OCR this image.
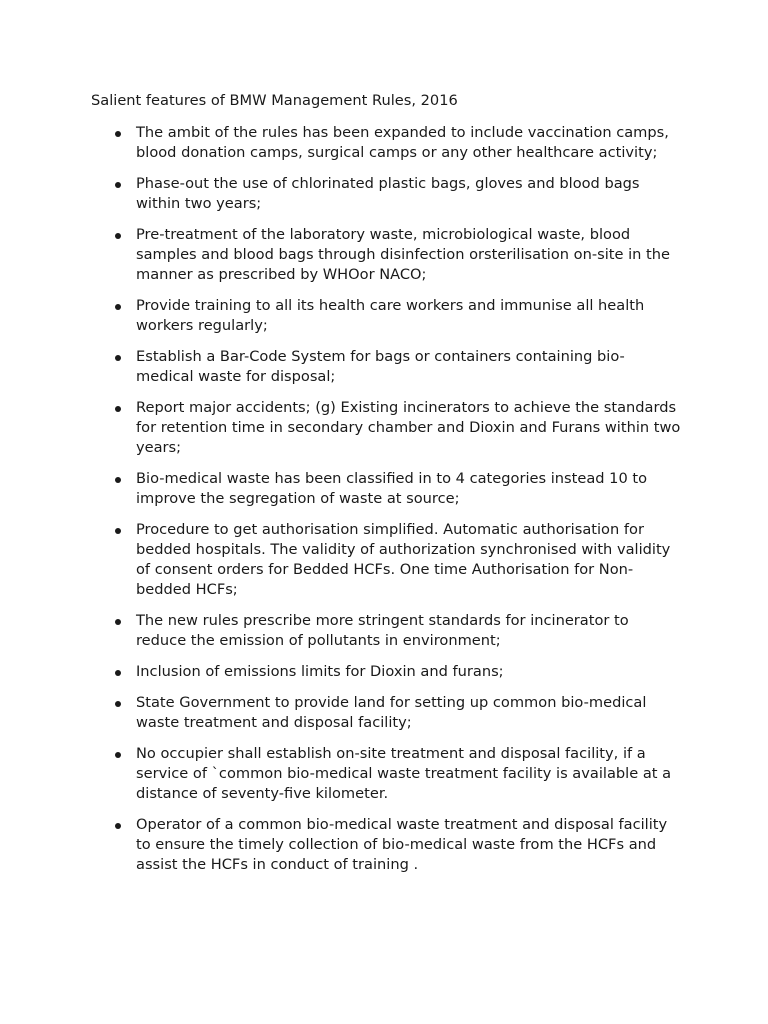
Salient features of BMW Management Rules, 2016
The ambit of the rules has been expanded to include vaccination camps, blood donation camps, surgical camps or any other healthcare activity;
Phase-out the use of chlorinated plastic bags, gloves and blood bags within two years;
Pre-treatment of the laboratory waste, microbiological waste, blood samples and blood bags through disinfection orsterilisation on-site in the manner as prescribed by WHOor NACO;
Provide training to all its health care workers and immunise all health workers regularly;
Establish a Bar-Code System for bags or containers containing bio-medical waste for disposal;
Report major accidents; (g) Existing incinerators to achieve the standards for retention time in secondary chamber and Dioxin and Furans within two years;
Bio-medical waste has been classified in to 4 categories instead 10 to improve the segregation of waste at source;
Procedure to get authorisation simplified. Automatic authorisation for bedded hospitals. The validity of authorization synchronised with validity of consent orders for Bedded HCFs. One time Authorisation for Non-bedded HCFs;
The new rules prescribe more stringent standards for incinerator to reduce the emission of pollutants in environment;
Inclusion of emissions limits for Dioxin and furans;
State Government to provide land for setting up common bio-medical waste treatment and disposal facility;
No occupier shall establish on-site treatment and disposal facility, if a service of `common bio-medical waste treatment facility is available at a distance of seventy-five kilometer.
Operator of a common bio-medical waste treatment and disposal facility to ensure the timely collection of bio-medical waste from the HCFs and assist the HCFs in conduct of training .
